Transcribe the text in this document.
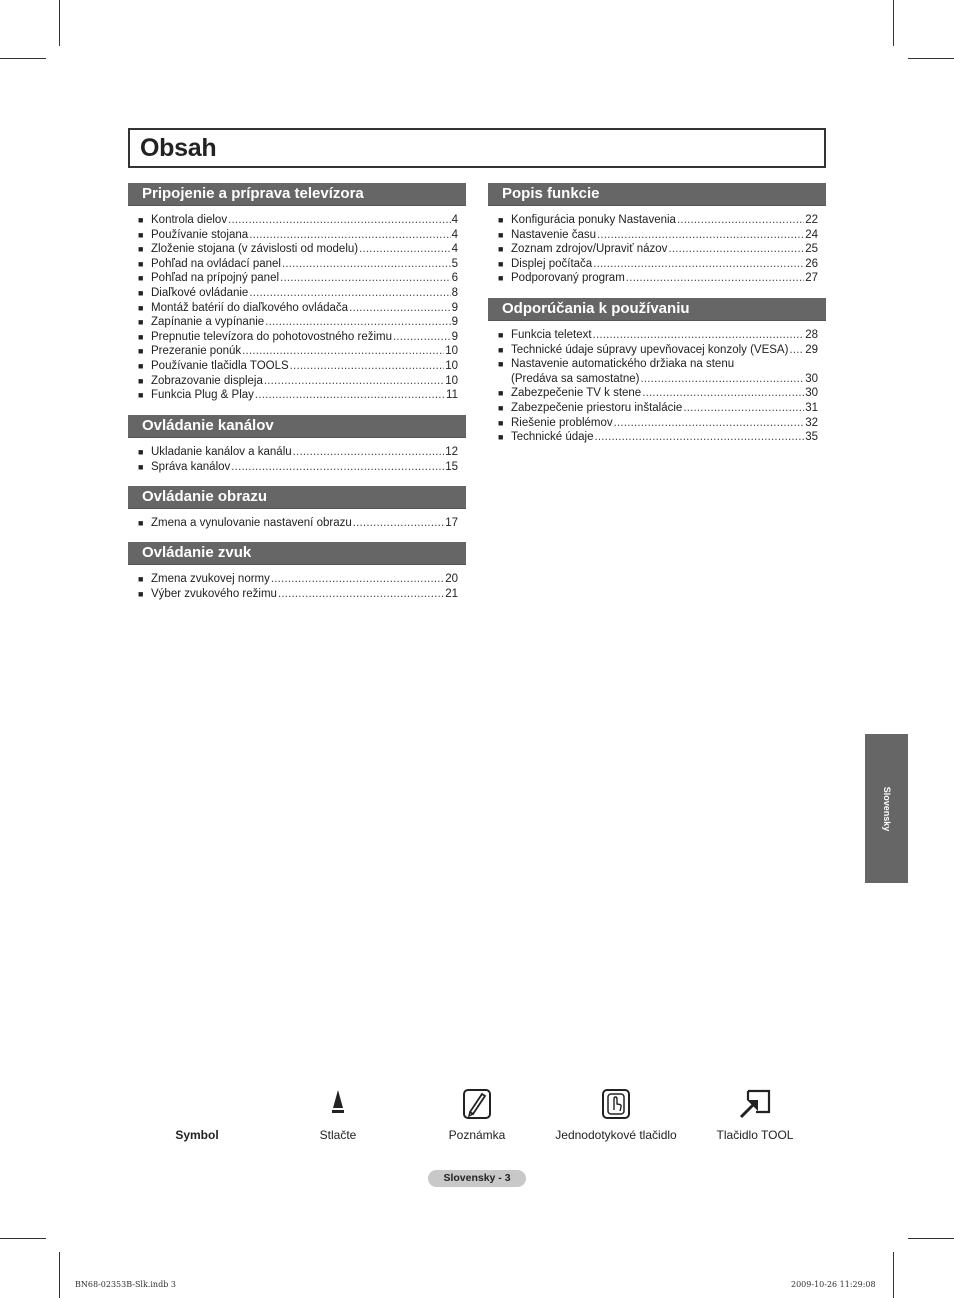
Obsah
Pripojenie a príprava televízora
■ Kontrola dielov .....	4
■ Používanie stojana .....	4
■ Zloženie stojana (v závislosti od modelu) .....	4
■ Pohľad na ovládací panel .....	5
■ Pohľad na prípojný panel .....	6
■ Diaľkové ovládanie .....	8
■ Montáž batérií do diaľkového ovládača .....	9
■ Zapínanie a vypínanie .....	9
■ Prepnutie televízora do pohotovostného režimu .....	9
■ Prezeranie ponúk .....	10
■ Používanie tlačidla TOOLS .....	10
■ Zobrazovanie displeja .....	10
■ Funkcia Plug & Play .....	11
Ovládanie kanálov
■ Ukladanie kanálov a kanálu .....	12
■ Správa kanálov .....	15
Ovládanie obrazu
■ Zmena a vynulovanie nastavení obrazu .....	17
Ovládanie zvuk
■ Zmena zvukovej normy .....	20
■ Výber zvukového režimu .....	21
Popis funkcie
■ Konfigurácia ponuky Nastavenia .....	22
■ Nastavenie času .....	24
■ Zoznam zdrojov/Upraviť názov .....	25
■ Displej počítača .....	26
■ Podporovaný program .....	27
Odporúčania k používaniu
■ Funkcia teletext .....	28
■ Technické údaje súpravy upevňovacej konzoly (VESA) ..... 29
■ Nastavenie automatického držiaka na stenu
(Predáva sa samostatne) .....	30
■ Zabezpečenie TV k stene .....	30
■ Zabezpečenie priestoru inštalácie .....	31
■ Riešenie problémov .....	32
■ Technické údaje .....	35
Slovensky
Symbol	Stlačte	Poznámka	Jednodotykové tlačidlo	Tlačidlo TOOL
Slovensky - 3
BN68-02353B-Slk.indb 3	2009-10-26 11:29:08
